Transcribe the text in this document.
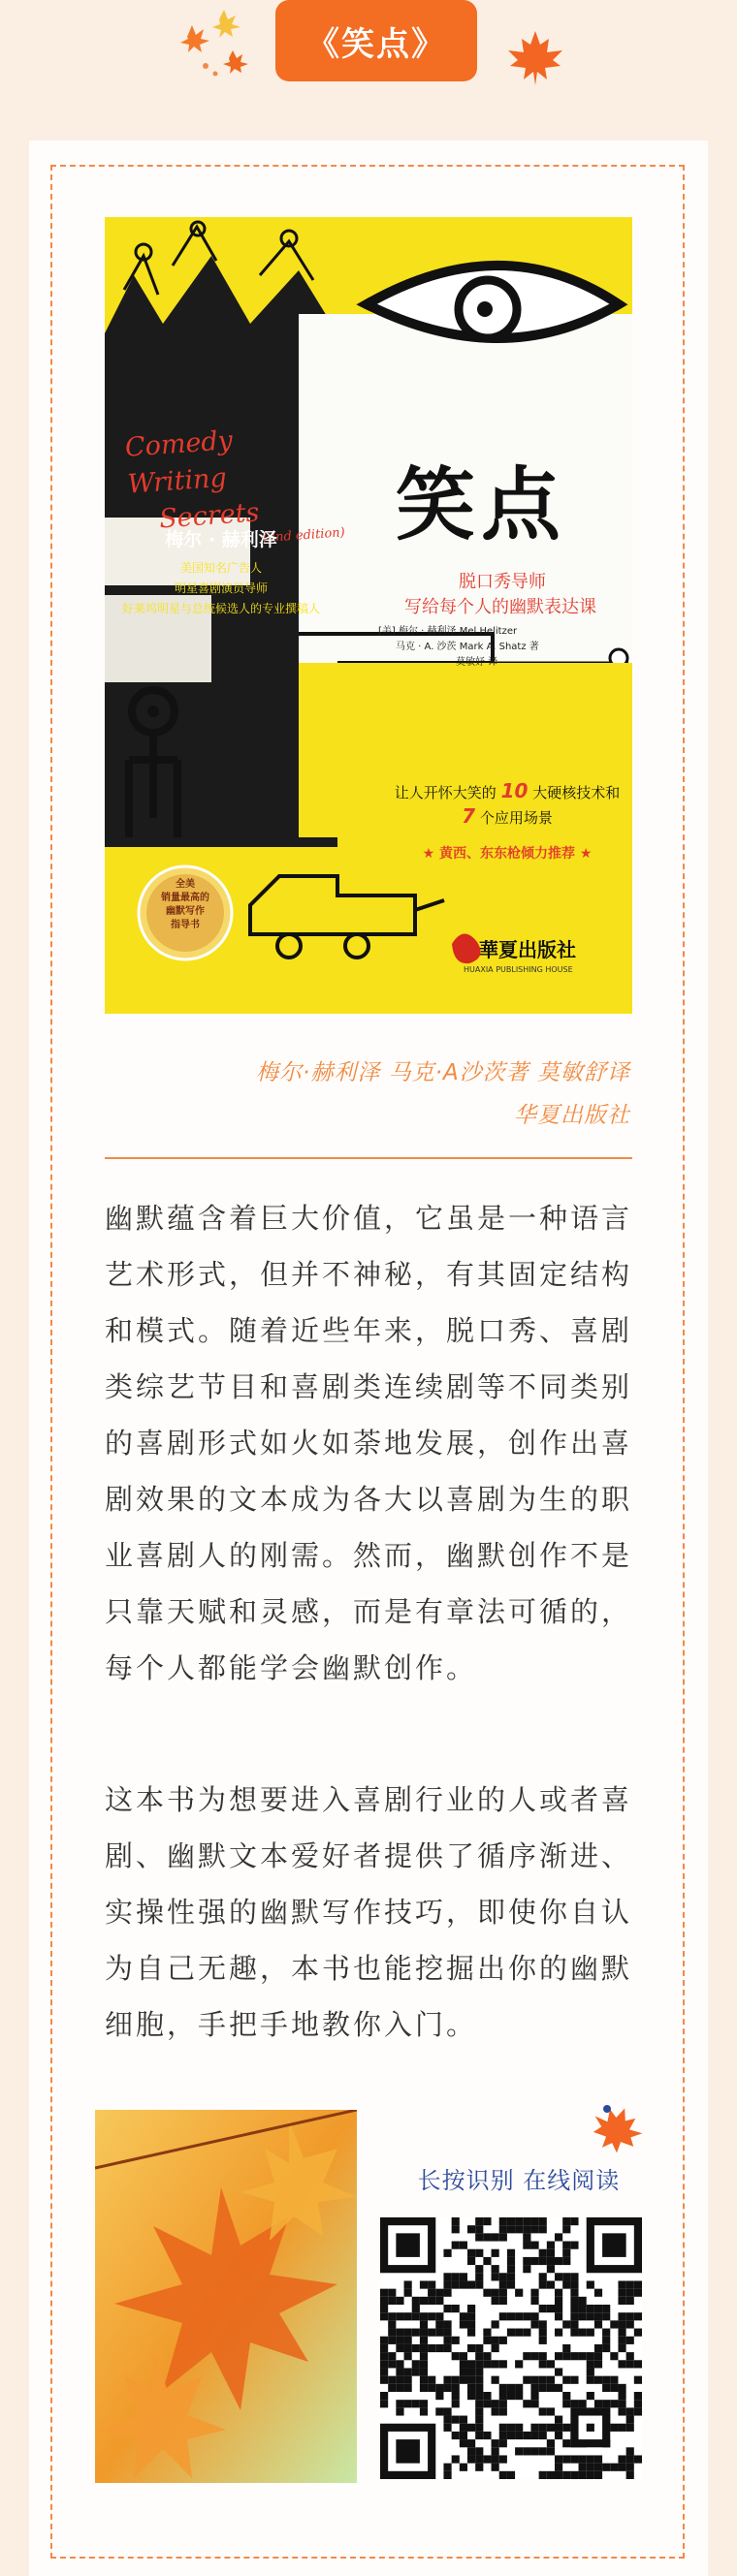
《笑点》
Comedy Writing
Secrets
(2nd edition)
梅尔 · 赫利泽
美国知名广告人
明星喜剧演员导师
好莱坞明星与总统候选人的专业撰稿人
笑点
脱口秀导师
写给每个人的幽默表达课
[美] 梅尔 · 赫利泽 Mel Helitzer
马克 · A. 沙茨 Mark A. Shatz 著
莫敏妤 译
让人开怀大笑的 10 大硬核技术和
7 个应用场景
★ 黄西、东东枪倾力推荐 ★
全美
销量最高的
幽默写作
指导书
華夏出版社
HUAXIA PUBLISHING HOUSE
梅尔·赫利泽 马克·A沙茨著 莫敏舒译
华夏出版社

幽默蕴含着巨大价值，它虽是一种语言艺术形式，但并不神秘，有其固定结构和模式。随着近些年来，脱口秀、喜剧类综艺节目和喜剧类连续剧等不同类别的喜剧形式如火如荼地发展，创作出喜剧效果的文本成为各大以喜剧为生的职业喜剧人的刚需。然而，幽默创作不是只靠天赋和灵感，而是有章法可循的，每个人都能学会幽默创作。

这本书为想要进入喜剧行业的人或者喜剧、幽默文本爱好者提供了循序渐进、实操性强的幽默写作技巧，即使你自认为自己无趣，本书也能挖掘出你的幽默细胞，手把手地教你入门。

长按识别 在线阅读
